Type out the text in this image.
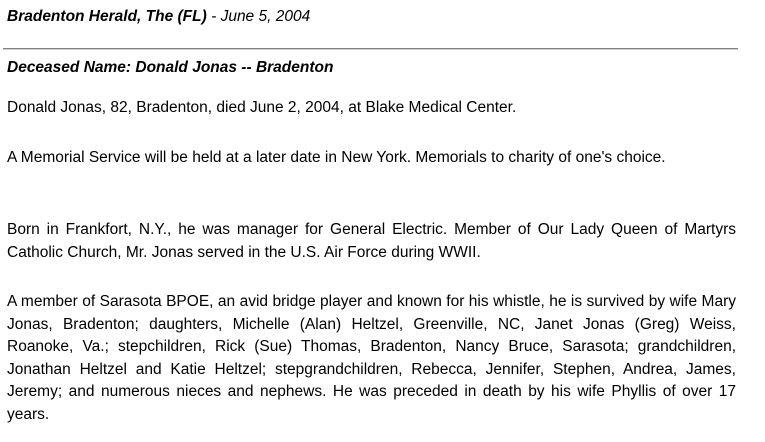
Bradenton Herald, The (FL) - June 5, 2004
Deceased Name: Donald Jonas -- Bradenton

Donald Jonas, 82, Bradenton, died June 2, 2004, at Blake Medical Center.

A Memorial Service will be held at a later date in New York. Memorials to charity of one's choice.

Born in Frankfort, N.Y., he was manager for General Electric. Member of Our Lady Queen of Martyrs Catholic Church, Mr. Jonas served in the U.S. Air Force during WWII.

A member of Sarasota BPOE, an avid bridge player and known for his whistle, he is survived by wife Mary Jonas, Bradenton; daughters, Michelle (Alan) Heltzel, Greenville, NC, Janet Jonas (Greg) Weiss, Roanoke, Va.; stepchildren, Rick (Sue) Thomas, Bradenton, Nancy Bruce, Sarasota; grandchildren, Jonathan Heltzel and Katie Heltzel; stepgrandchildren, Rebecca, Jennifer, Stephen, Andrea, James, Jeremy; and numerous nieces and nephews. He was preceded in death by his wife Phyllis of over 17 years.
